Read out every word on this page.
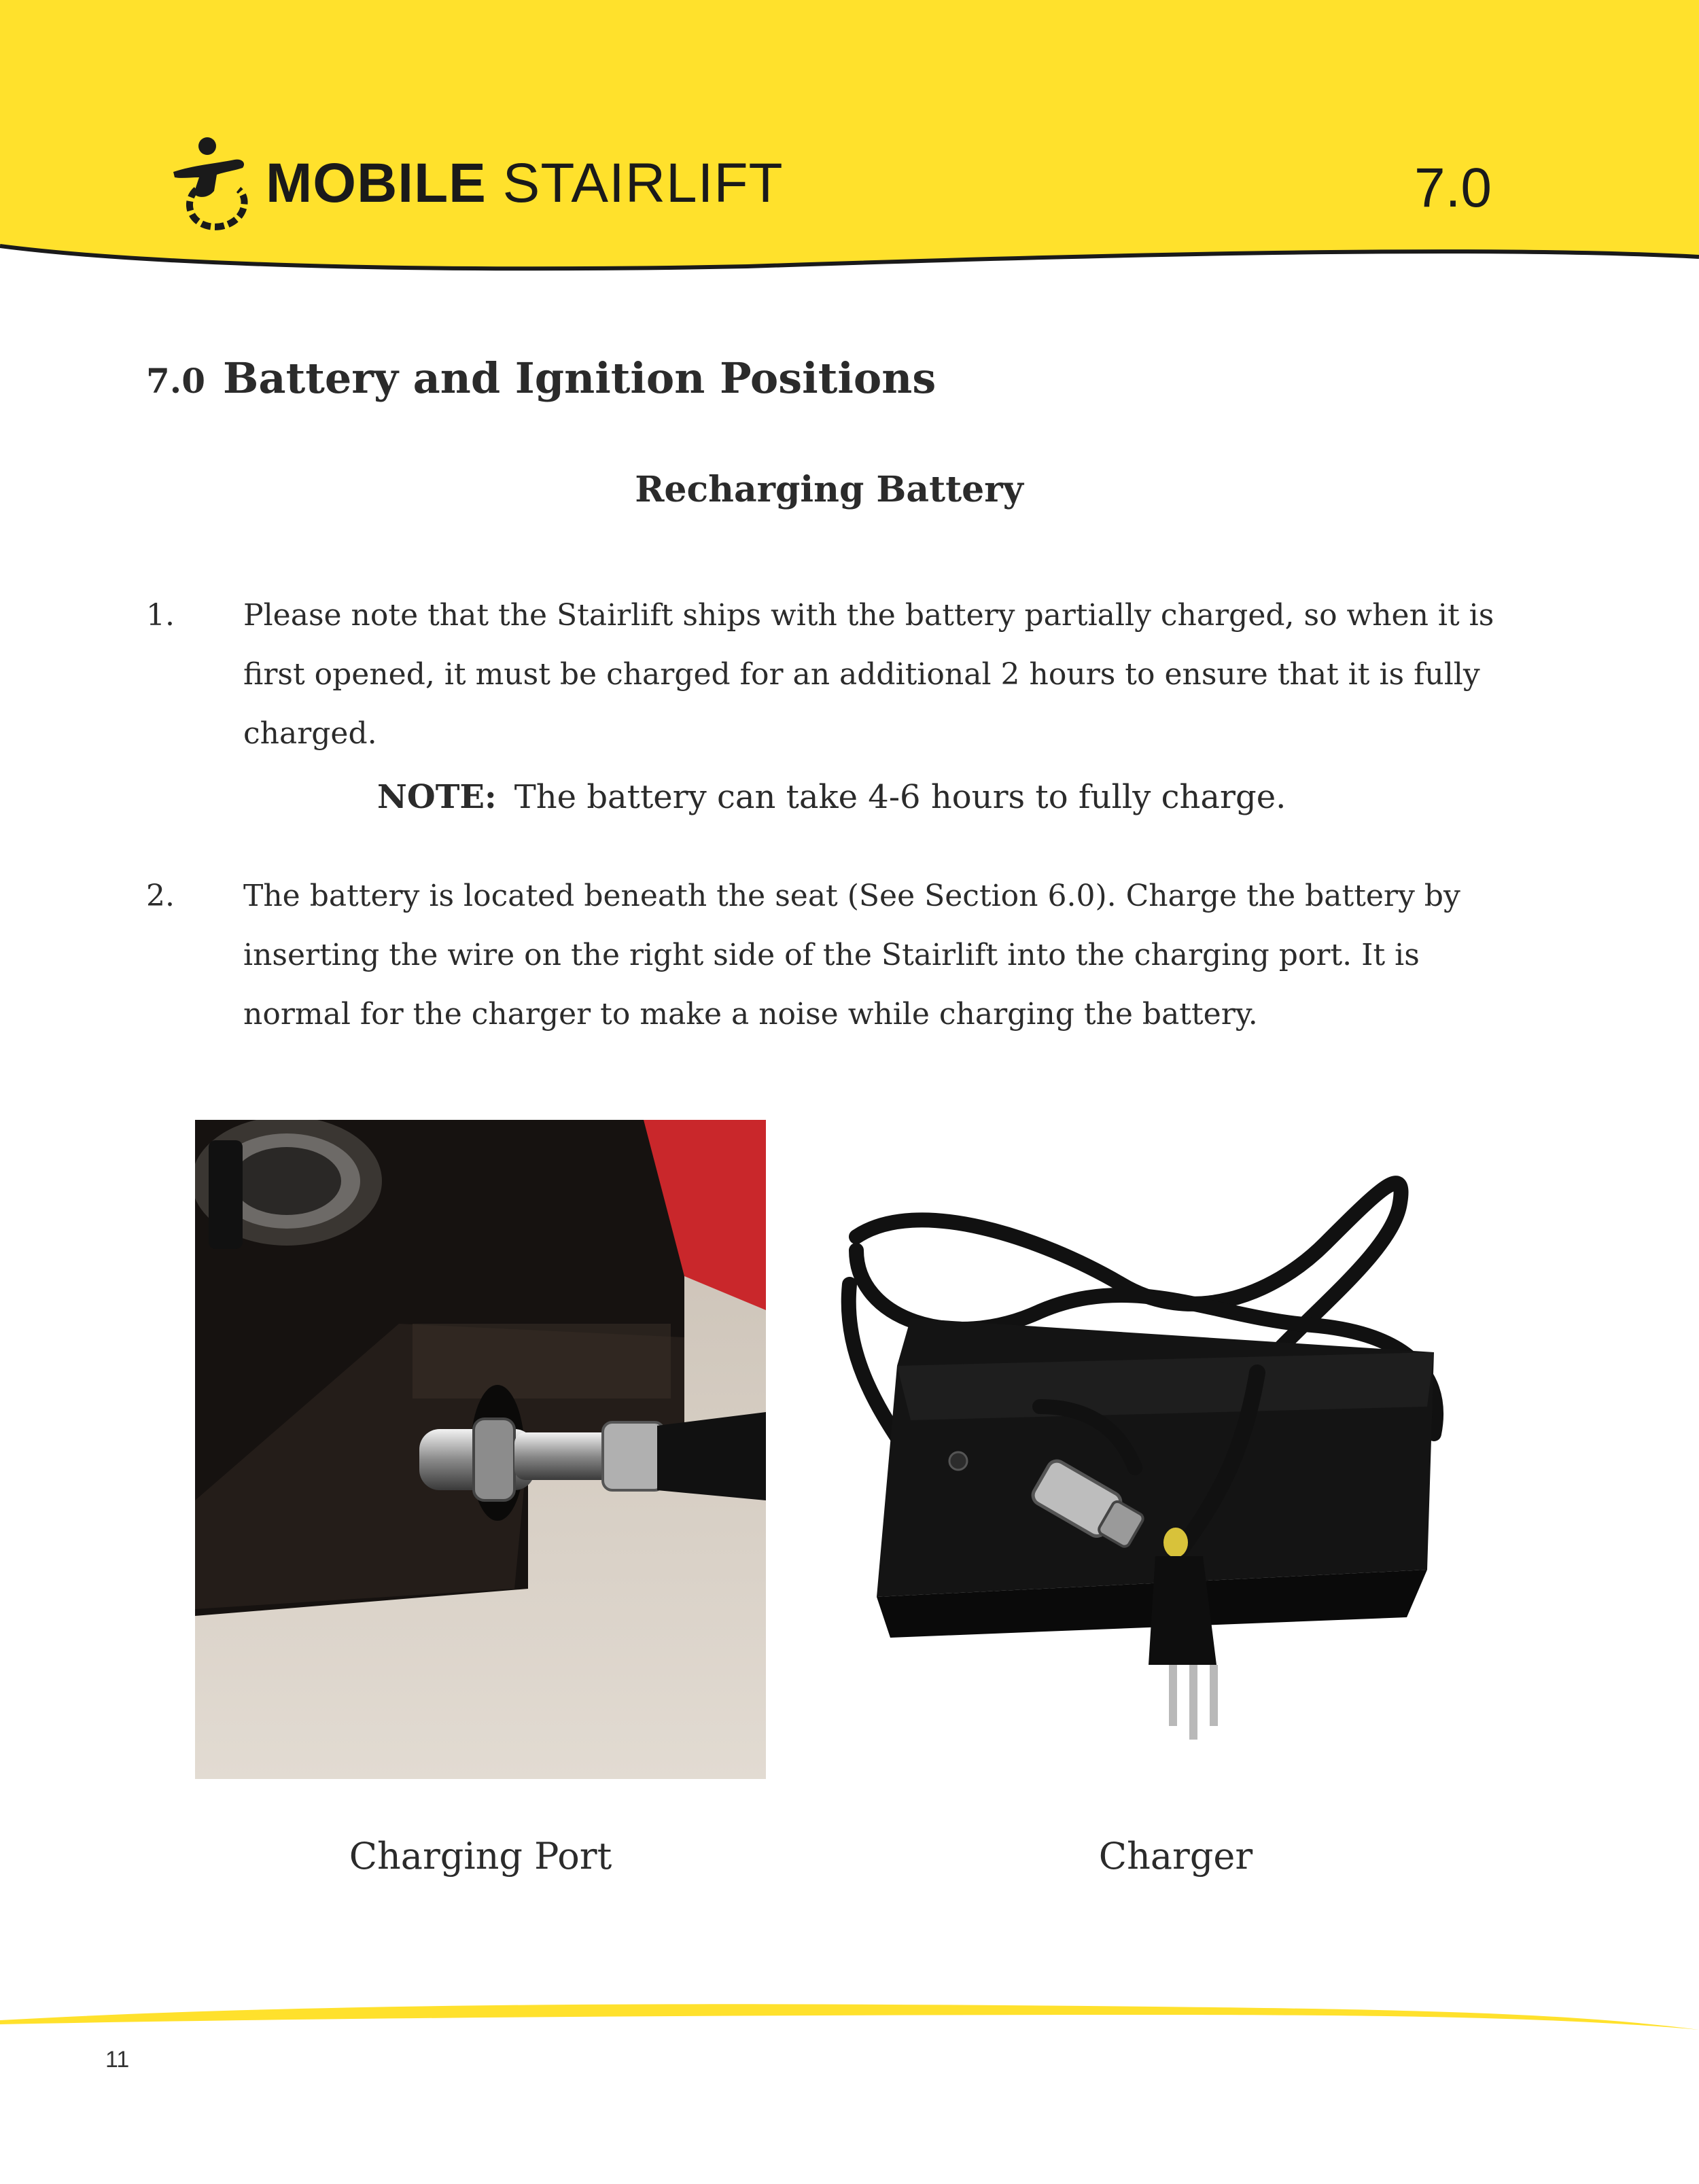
MOBILE STAIRLIFT	7.0
7.0 Battery and Ignition Positions
Recharging Battery
1. Please note that the Stairlift ships with the battery partially charged, so when it is first opened, it must be charged for an additional 2 hours to ensure that it is fully charged.
NOTE: The battery can take 4-6 hours to fully charge.
2. The battery is located beneath the seat (See Section 6.0). Charge the battery by inserting the wire on the right side of the Stairlift into the charging port. It is normal for the charger to make a noise while charging the battery.
Charging Port	Charger
11
